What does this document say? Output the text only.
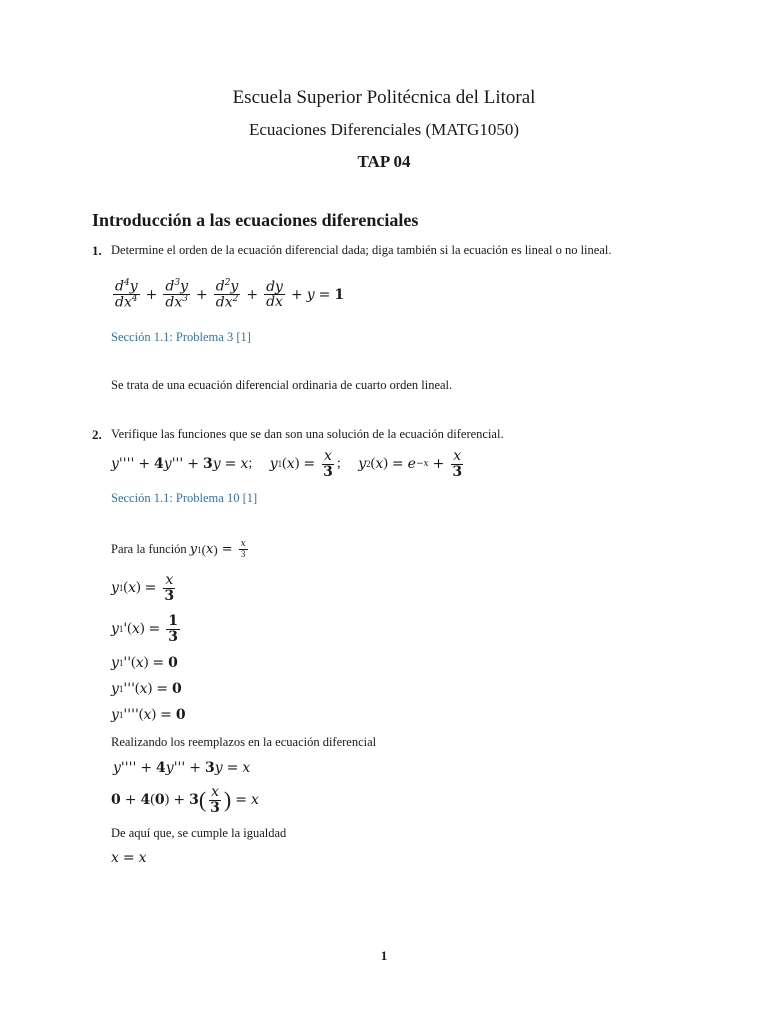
Escuela Superior Politécnica del Litoral
Ecuaciones Diferenciales (MATG1050)
TAP 04
Introducción a las ecuaciones diferenciales
1. Determine el orden de la ecuación diferencial dada; diga también si la ecuación es lineal o no lineal.
$\frac{d^4y}{dx^4} + \frac{d^3y}{dx^3} + \frac{d^2y}{dx^2} + \frac{dy}{dx} + y = 1$
Sección 1.1: Problema 3 [1]
Se trata de una ecuación diferencial ordinaria de cuarto orden lineal.
2. Verifique las funciones que se dan son una solución de la ecuación diferencial.
y'''' + 4 y''' + 3 y = x ; y 1 ( x ) = $\frac{x}{3}$ ; y 2 ( x ) = $e -x + \frac{x}{3}$
Sección 1.1: Problema 10 [1]
Para la función
y 1 ( x ) = $\frac{x}{3}$
y 1 ( x ) = $\frac{x}{3}$
y 1 ' ( x ) = $\frac{1}{3}$
y 1 '' ( x ) = 0
y 1 ''' ( x ) = 0
y 1 '''' ( x ) = 0
Realizando los reemplazos en la ecuación diferencial
y'''' + 4 y''' + 3 y = x
0 + 4 ( 0 ) + 3 ( $\frac{x}{3}$ ) = x
De aquí que, se cumple la igualdad
x = x
1
